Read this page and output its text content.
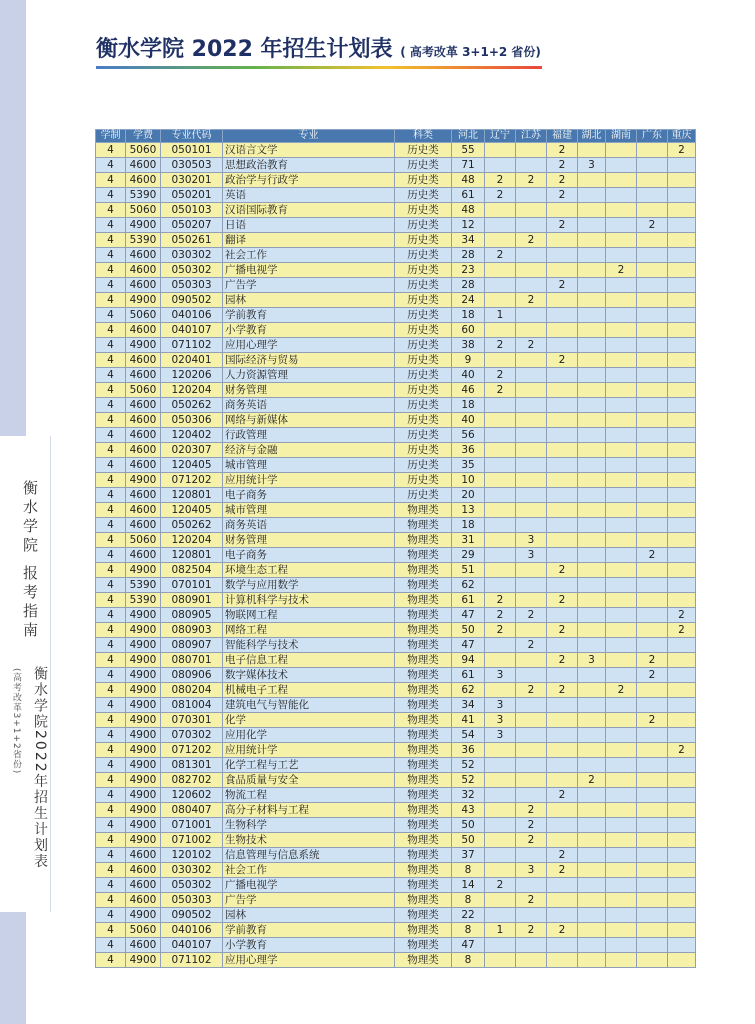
衡水学院 报考指南
衡水学院2022年招生计划表
(高考改革3+1+2省份)
衡水学院 2022 年招生计划表 ( 高考改革 3+1+2 省份)
学制	学费	专业代码	专业	科类	河北	辽宁	江苏	福建	湖北	湖南	广东	重庆
4	5060	050101	汉语言文学	历史类	55			2				2
4	4600	030503	思想政治教育	历史类	71			2	3			
4	4600	030201	政治学与行政学	历史类	48	2	2	2				
4	5390	050201	英语	历史类	61	2		2				
4	5060	050103	汉语国际教育	历史类	48							
4	4900	050207	日语	历史类	12			2			2	
4	5390	050261	翻译	历史类	34		2					
4	4600	030302	社会工作	历史类	28	2						
4	4600	050302	广播电视学	历史类	23					2		
4	4600	050303	广告学	历史类	28			2				
4	4900	090502	园林	历史类	24		2					
4	5060	040106	学前教育	历史类	18	1						
4	4600	040107	小学教育	历史类	60							
4	4900	071102	应用心理学	历史类	38	2	2					
4	4600	020401	国际经济与贸易	历史类	9			2				
4	4600	120206	人力资源管理	历史类	40	2						
4	5060	120204	财务管理	历史类	46	2						
4	4600	050262	商务英语	历史类	18							
4	4600	050306	网络与新媒体	历史类	40							
4	4600	120402	行政管理	历史类	56							
4	4600	020307	经济与金融	历史类	36							
4	4600	120405	城市管理	历史类	35							
4	4900	071202	应用统计学	历史类	10							
4	4600	120801	电子商务	历史类	20							
4	4600	120405	城市管理	物理类	13							
4	4600	050262	商务英语	物理类	18							
4	5060	120204	财务管理	物理类	31		3					
4	4600	120801	电子商务	物理类	29		3				2	
4	4900	082504	环境生态工程	物理类	51			2				
4	5390	070101	数学与应用数学	物理类	62							
4	5390	080901	计算机科学与技术	物理类	61	2		2				
4	4900	080905	物联网工程	物理类	47	2	2					2
4	4900	080903	网络工程	物理类	50	2		2				2
4	4900	080907	智能科学与技术	物理类	47		2					
4	4900	080701	电子信息工程	物理类	94			2	3		2	
4	4900	080906	数字媒体技术	物理类	61	3					2	
4	4900	080204	机械电子工程	物理类	62		2	2		2		
4	4900	081004	建筑电气与智能化	物理类	34	3						
4	4900	070301	化学	物理类	41	3					2	
4	4900	070302	应用化学	物理类	54	3						
4	4900	071202	应用统计学	物理类	36							2
4	4900	081301	化学工程与工艺	物理类	52							
4	4900	082702	食品质量与安全	物理类	52				2			
4	4900	120602	物流工程	物理类	32			2				
4	4900	080407	高分子材料与工程	物理类	43		2					
4	4900	071001	生物科学	物理类	50		2					
4	4900	071002	生物技术	物理类	50		2					
4	4600	120102	信息管理与信息系统	物理类	37			2				
4	4600	030302	社会工作	物理类	8		3	2				
4	4600	050302	广播电视学	物理类	14	2						
4	4600	050303	广告学	物理类	8		2					
4	4900	090502	园林	物理类	22							
4	5060	040106	学前教育	物理类	8	1	2	2				
4	4600	040107	小学教育	物理类	47							
4	4900	071102	应用心理学	物理类	8							
